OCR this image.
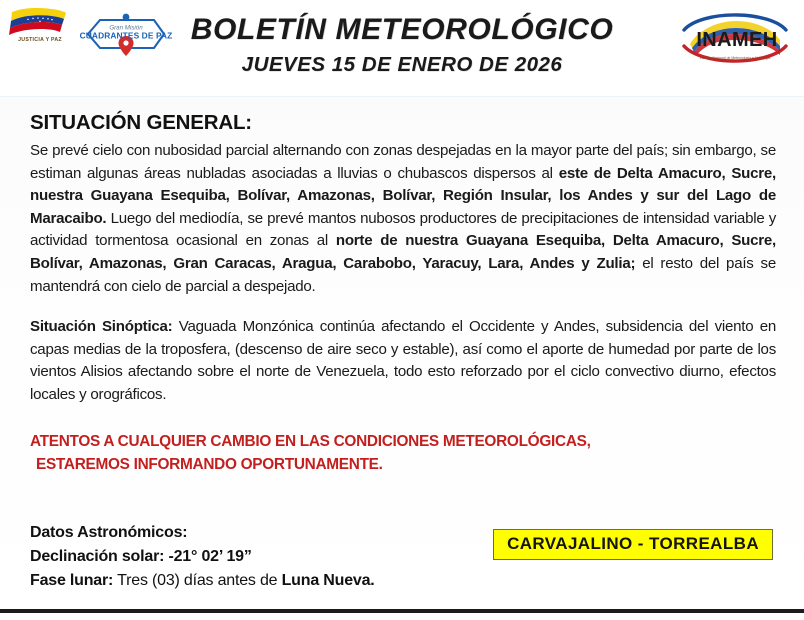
JUSTICIA Y PAZ
Gran Misión
CUADRANTES DE PAZ BOLETÍN METEOROLÓGICO
JUEVES 15 DE ENERO DE 2026
INAMEH
Instituto Nacional de Meteorología e Hidrología
SITUACIÓN GENERAL:

Se prevé cielo con nubosidad parcial alternando con zonas despejadas en la mayor parte del país; sin embargo, se estiman algunas áreas nubladas asociadas a lluvias o chubascos dispersos al este de Delta Amacuro, Sucre, nuestra Guayana Esequiba, Bolívar, Amazonas, Bolívar, Región Insular, los Andes y sur del Lago de Maracaibo. Luego del mediodía, se prevé mantos nubosos productores de precipitaciones de intensidad variable y actividad tormentosa ocasional en zonas al norte de nuestra Guayana Esequiba, Delta Amacuro, Sucre, Bolívar, Amazonas, Gran Caracas, Aragua, Carabobo, Yaracuy, Lara, Andes y Zulia; el resto del país se mantendrá con cielo de parcial a despejado.

Situación Sinóptica: Vaguada Monzónica continúa afectando el Occidente y Andes, subsidencia del viento en capas medias de la troposfera, (descenso de aire seco y estable), así como el aporte de humedad por parte de los vientos Alisios afectando sobre el norte de Venezuela, todo esto reforzado por el ciclo convectivo diurno, efectos locales y orográficos.

ATENTOS A CUALQUIER CAMBIO EN LAS CONDICIONES METEOROLÓGICAS,
ESTAREMOS INFORMANDO OPORTUNAMENTE.
Datos Astronómicos:
Declinación solar: -21° 02’ 19”
Fase lunar: Tres (03) días antes de Luna Nueva.
CARVAJALINO - TORREALBA
